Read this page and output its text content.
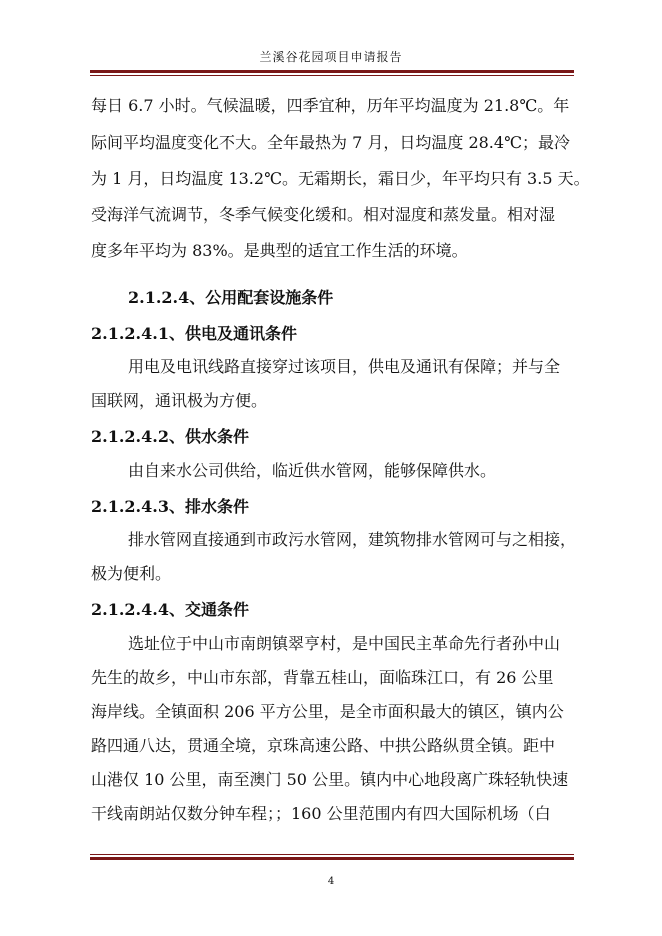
兰溪谷花园项目申请报告
每日 6.7 小时。气候温暖，四季宜种，历年平均温度为 21.8℃。年
际间平均温度变化不大。全年最热为 7 月，日均温度 28.4℃；最冷
为 1 月，日均温度 13.2℃。无霜期长，霜日少，年平均只有 3.5 天。
受海洋气流调节，冬季气候变化缓和。相对湿度和蒸发量。相对湿
度多年平均为 83%。是典型的适宜工作生活的环境。
2.1.2.4、公用配套设施条件
2.1.2.4.1、供电及通讯条件
用电及电讯线路直接穿过该项目，供电及通讯有保障；并与全
国联网，通讯极为方便。
2.1.2.4.2、供水条件
由自来水公司供给，临近供水管网，能够保障供水。
2.1.2.4.3、排水条件
排水管网直接通到市政污水管网，建筑物排水管网可与之相接，
极为便利。
2.1.2.4.4、交通条件
选址位于中山市南朗镇翠亨村，是中国民主革命先行者孙中山
先生的故乡，中山市东部，背靠五桂山，面临珠江口，有 26 公里
海岸线。全镇面积 206 平方公里，是全市面积最大的镇区，镇内公
路四通八达，贯通全境，京珠高速公路、中拱公路纵贯全镇。距中
山港仅 10 公里，南至澳门 50 公里。镇内中心地段离广珠轻轨快速
干线南朗站仅数分钟车程；；160 公里范围内有四大国际机场（白
4
